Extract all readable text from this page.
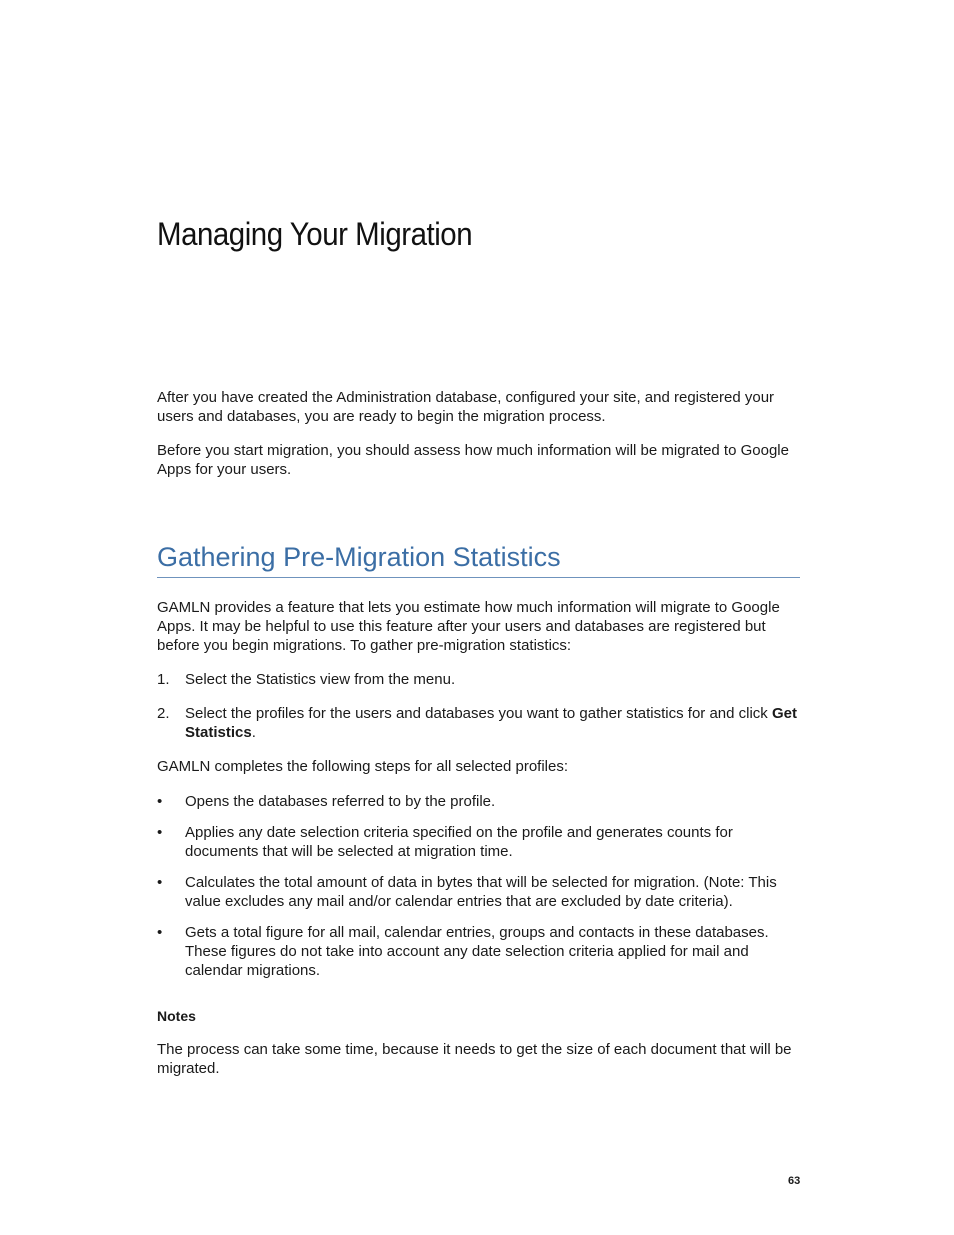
Managing Your Migration

After you have created the Administration database, configured your site, and registered your users and databases, you are ready to begin the migration process.

Before you start migration, you should assess how much information will be migrated to Google Apps for your users.

Gathering Pre-Migration Statistics

GAMLN provides a feature that lets you estimate how much information will migrate to Google Apps. It may be helpful to use this feature after your users and databases are registered but before you begin migrations. To gather pre-migration statistics:

1. Select the Statistics view from the menu.
2. Select the profiles for the users and databases you want to gather statistics for and click Get Statistics.

GAMLN completes the following steps for all selected profiles:

• Opens the databases referred to by the profile.
• Applies any date selection criteria specified on the profile and generates counts for documents that will be selected at migration time.
• Calculates the total amount of data in bytes that will be selected for migration. (Note: This value excludes any mail and/or calendar entries that are excluded by date criteria).
• Gets a total figure for all mail, calendar entries, groups and contacts in these databases. These figures do not take into account any date selection criteria applied for mail and calendar migrations.

Notes

The process can take some time, because it needs to get the size of each document that will be migrated.

63
